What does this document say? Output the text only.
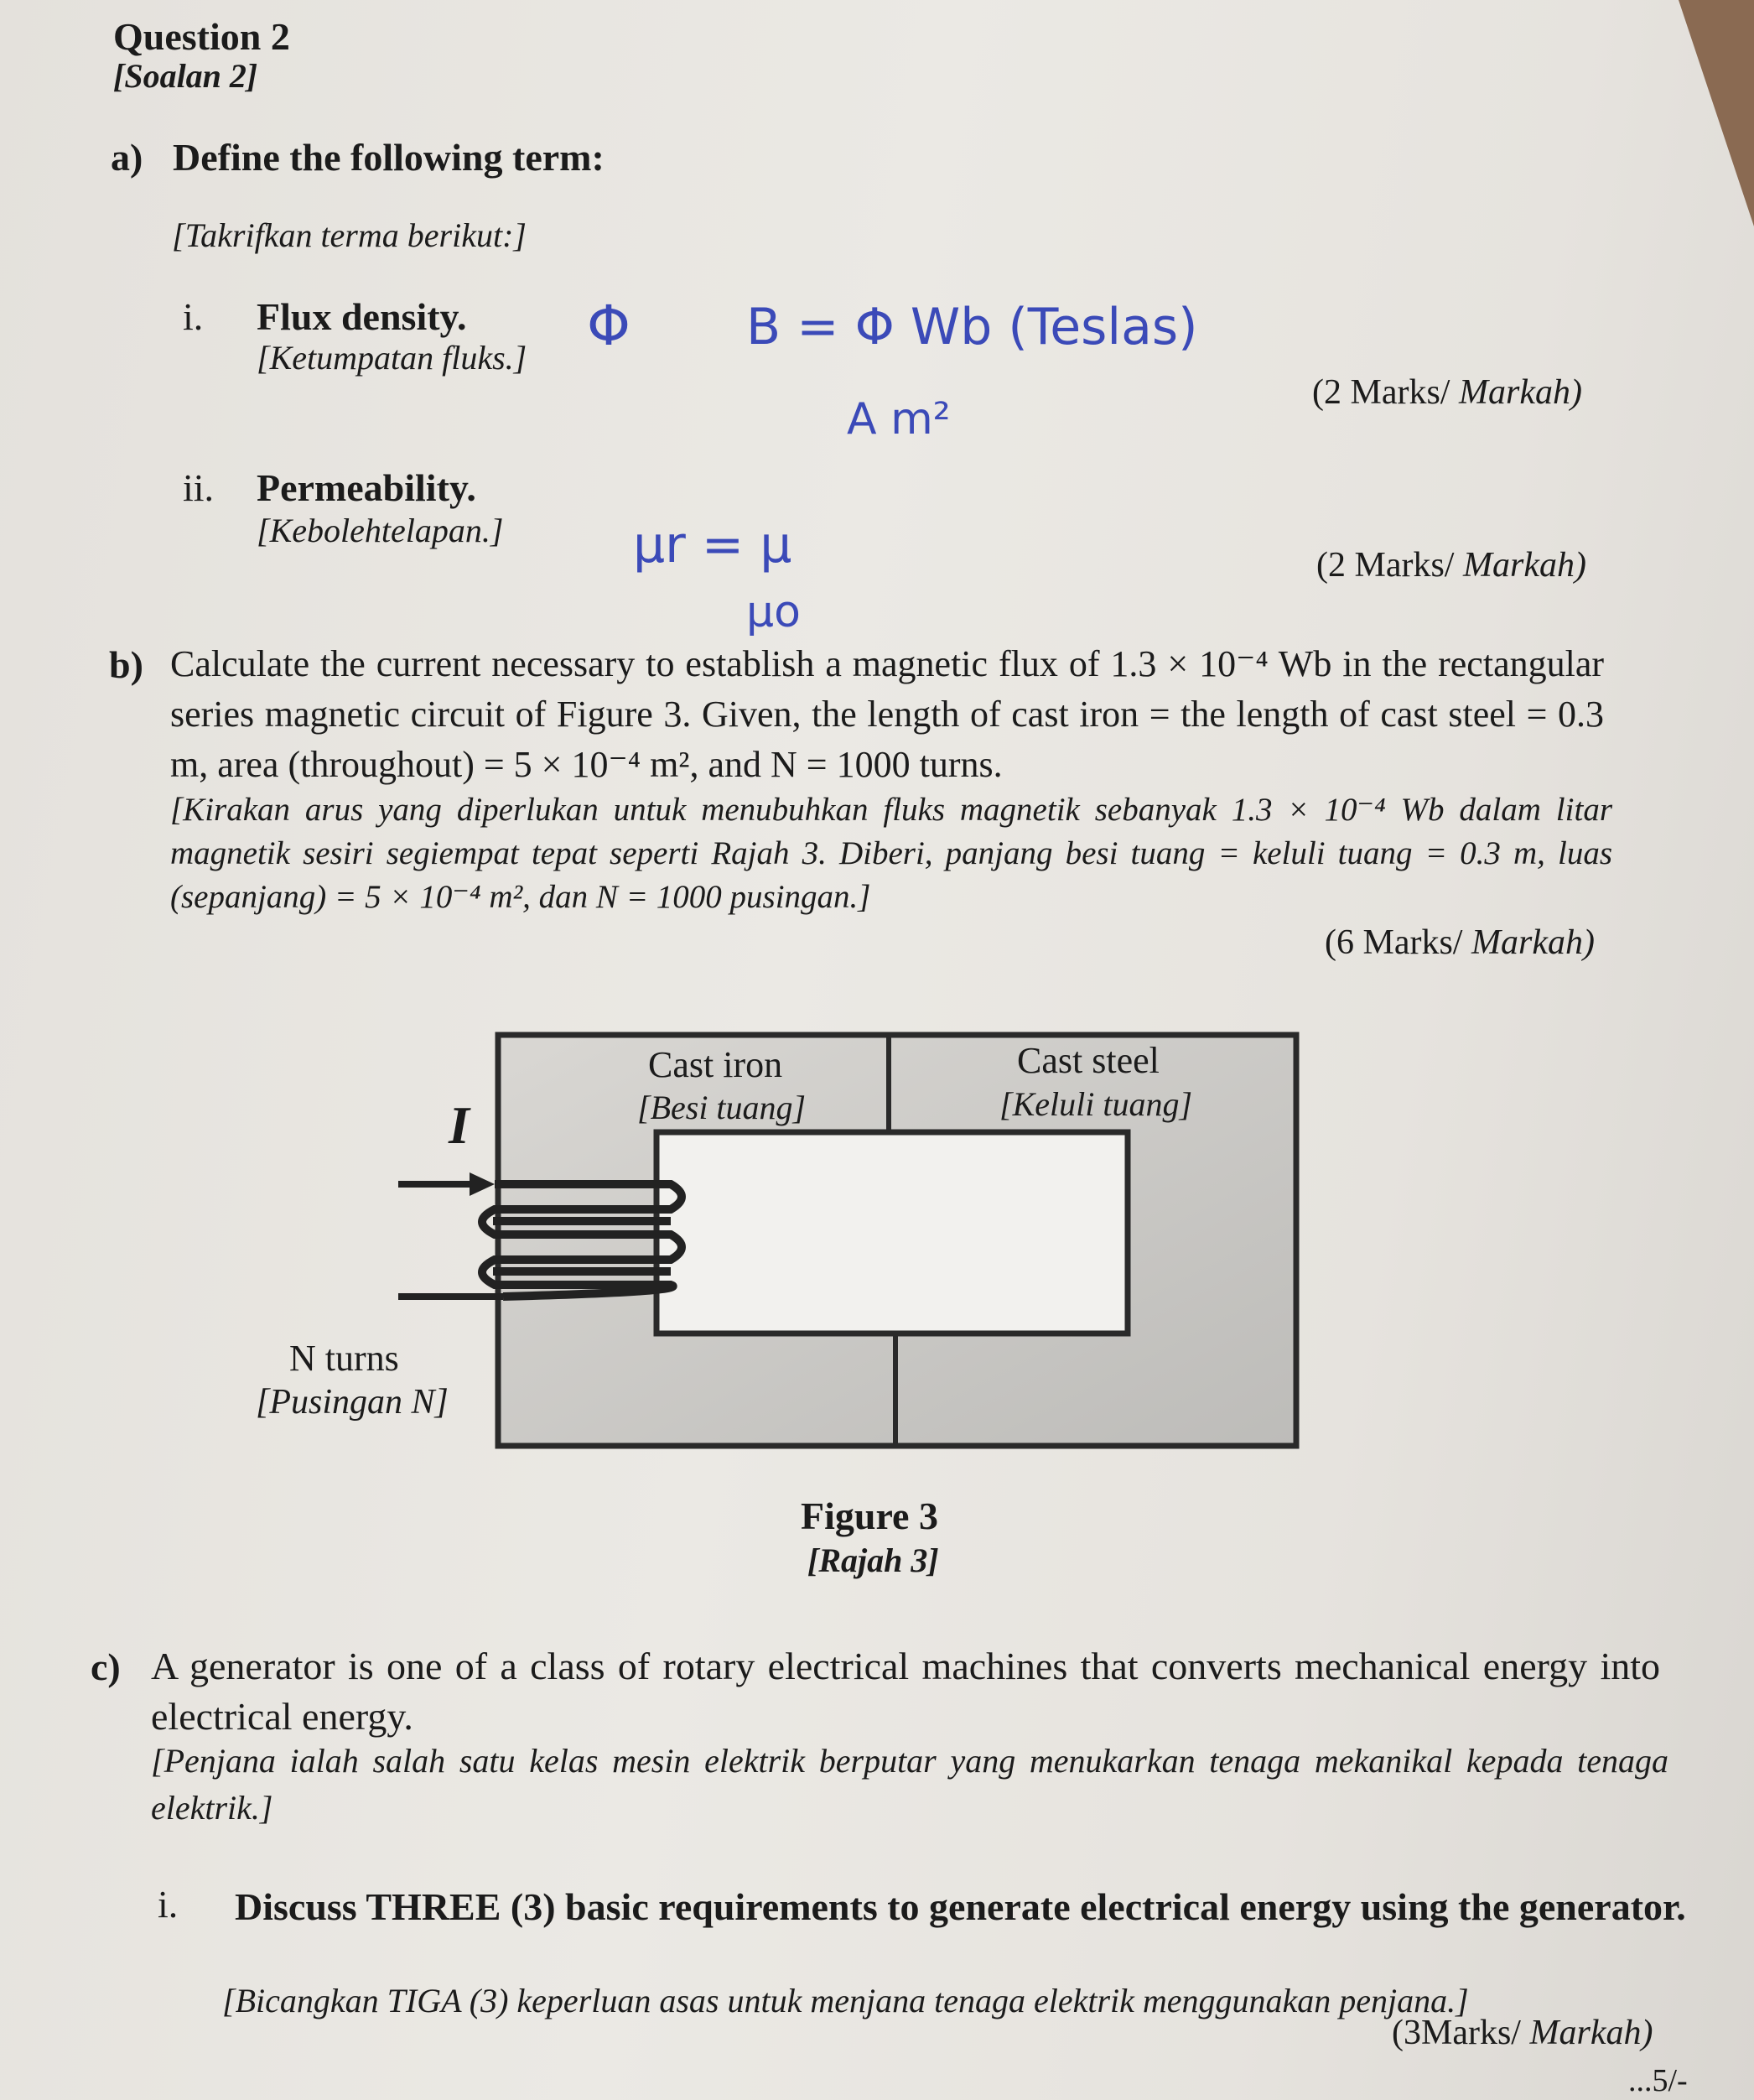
Question 2
[Soalan 2]
a) Define the following term:
[Takrifkan terma berikut:]
i. Flux density.
[Ketumpatan fluks.]
(2 Marks/ Markah)
ii. Permeability.
[Kebolehtelapan.]
(2 Marks/ Markah)
Φ B = Φ Wb (Teslas)
A m²
μr = μ
μo
b) Calculate the current necessary to establish a magnetic flux of 1.3 × 10⁻⁴ Wb in the rectangular series magnetic circuit of Figure 3. Given, the length of cast iron = the length of cast steel = 0.3 m, area (throughout) = 5 × 10⁻⁴ m², and N = 1000 turns.
[Kirakan arus yang diperlukan untuk menubuhkan fluks magnetik sebanyak 1.3 × 10⁻⁴ Wb dalam litar magnetik sesiri segiempat tepat seperti Rajah 3. Diberi, panjang besi tuang = keluli tuang = 0.3 m, luas (sepanjang) = 5 × 10⁻⁴ m², dan N = 1000 pusingan.]
(6 Marks/ Markah)
Cast iron
[Besi tuang]
Cast steel
[Keluli tuang]
I
N turns
[Pusingan N]
Figure 3
[Rajah 3]
c) A generator is one of a class of rotary electrical machines that converts mechanical energy into electrical energy.
[Penjana ialah salah satu kelas mesin elektrik berputar yang menukarkan tenaga mekanikal kepada tenaga elektrik.]
i. Discuss THREE (3) basic requirements to generate electrical energy using the generator.
[Bicangkan TIGA (3) keperluan asas untuk menjana tenaga elektrik menggunakan penjana.]
(3Marks/ Markah)
...5/-
